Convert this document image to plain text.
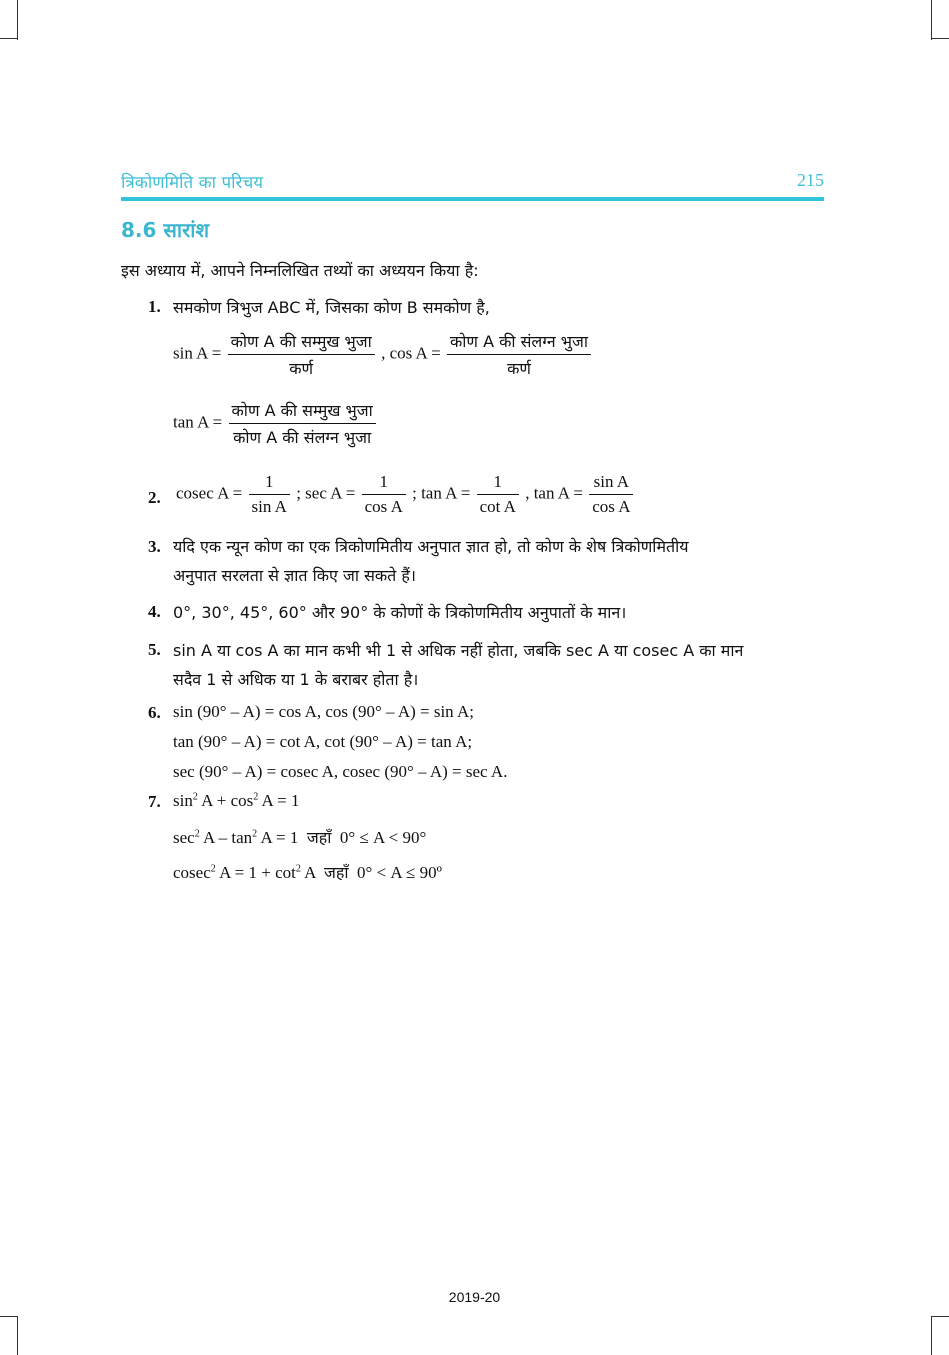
त्रिकोणमिति का परिचय	215
8.6 सारांश
इस अध्याय में, आपने निम्नलिखित तथ्यों का अध्ययन किया है:
1. समकोण त्रिभुज ABC में, जिसका कोण B समकोण है,
$\sin A = \frac{\text{कोण A की सम्मुख भुजा}}{\text{कर्ण}}$ , $\cos A = \frac{\text{कोण A की संलग्न भुजा}}{\text{कर्ण}}$
$\tan A = \frac{\text{कोण A की सम्मुख भुजा}}{\text{कोण A की संलग्न भुजा}}$
2. cosec $A = \frac{1}{\text{sin A}}$ ; $\sec A = \frac{1}{\text{cos A}}$ ; $\tan A = \frac{1}{\text{cot A}}$ , $\tan A = \frac{\text{sin A}}{\text{cos A}}$
3. यदि एक न्यून कोण का एक त्रिकोणमितीय अनुपात ज्ञात हो, तो कोण के शेष त्रिकोणमितीय
अनुपात सरलता से ज्ञात किए जा सकते हैं।
4. 0°, 30°, 45°, 60° और 90° के कोणों के त्रिकोणमितीय अनुपातों के मान।
5. sin A या cos A का मान कभी भी 1 से अधिक नहीं होता, जबकि sec A या cosec A का मान
सदैव 1 से अधिक या 1 के बराबर होता है।
6. sin (90° – A) = cos A, cos (90° – A) = sin A;
tan (90° – A) = cot A, cot (90° – A) = tan A;
sec (90° – A) = cosec A, cosec (90° – A) = sec A.
7. $\sin^2 A + \cos^2 A = 1$
$\sec^2 A - \tan^2 A = 1$ जहाँ 0° ≤ A < 90°
cosec$^2$ $A = 1 + \cot^2 A$ जहाँ 0° < A ≤ 90º
2019-20
